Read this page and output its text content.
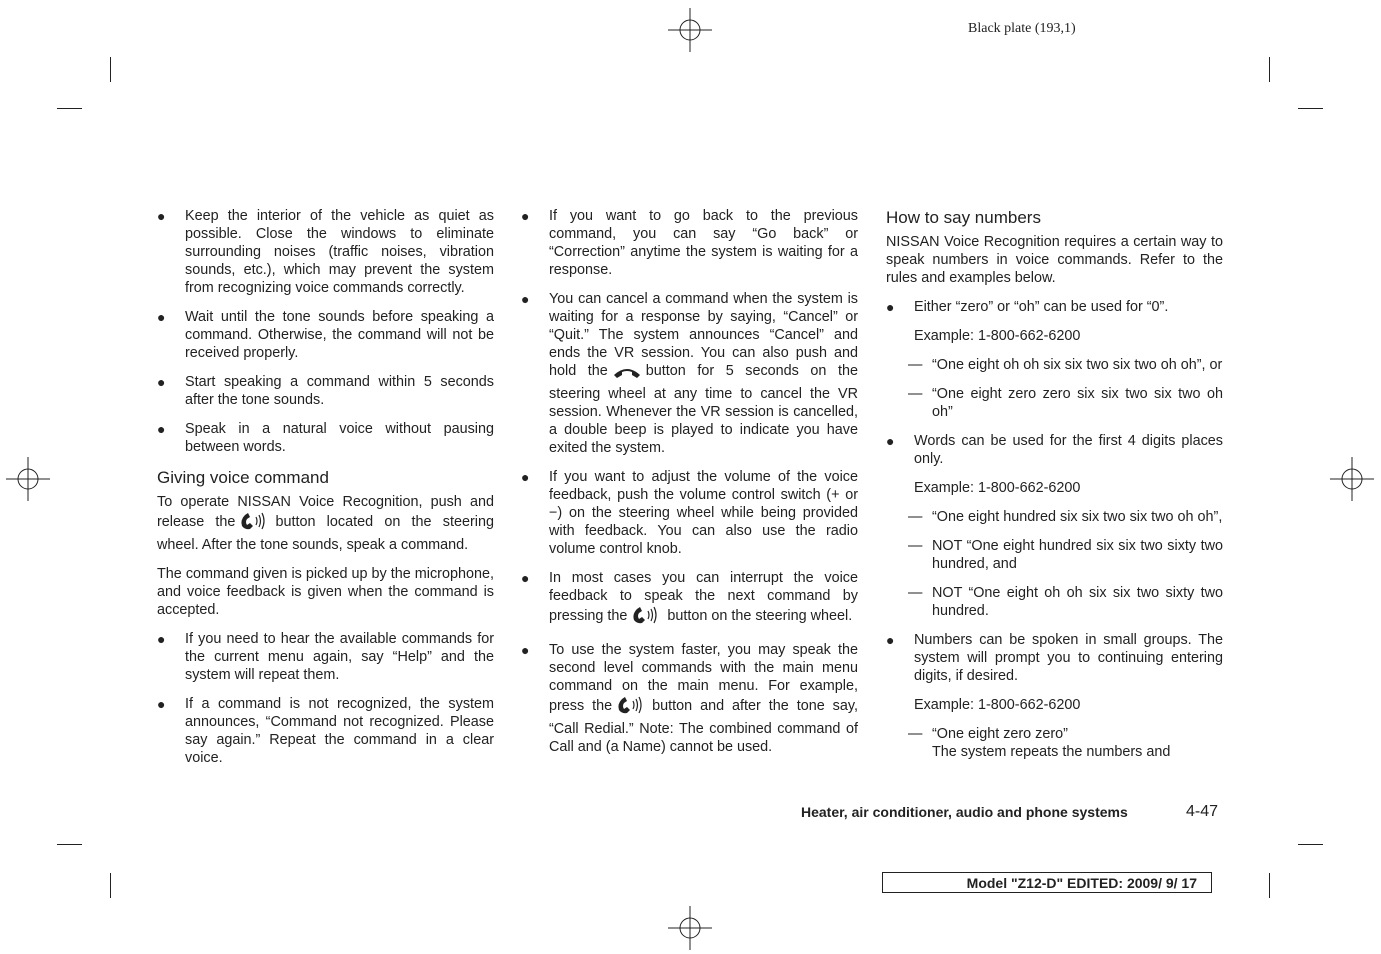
Black plate (193,1)
● Keep the interior of the vehicle as quiet as possible. Close the windows to eliminate surrounding noises (traffic noises, vibration sounds, etc.), which may prevent the system from recognizing voice commands correctly.
● Wait until the tone sounds before speaking a command. Otherwise, the command will not be received properly.
● Start speaking a command within 5 seconds after the tone sounds.
● Speak in a natural voice without pausing between words.
Giving voice command
To operate NISSAN Voice Recognition, push and release the	button located on the steering wheel. After the tone sounds, speak a command.
The command given is picked up by the microphone, and voice feedback is given when the command is accepted.
● If you need to hear the available commands for the current menu again, say “Help” and the system will repeat them.
● If a command is not recognized, the system announces, “Command not recognized. Please say again.” Repeat the command in a clear voice.
● If you want to go back to the previous command, you can say “Go back” or “Correction” anytime the system is waiting for a response.
● You can cancel a command when the system is waiting for a response by saying, “Cancel” or “Quit.” The system announces “Cancel” and ends the VR session. You can also push and hold the	button for 5 seconds on the steering wheel at any time to cancel the VR session. Whenever the VR session is cancelled, a double beep is played to indicate you have exited the system.
● If you want to adjust the volume of the voice feedback, push the volume control switch (+ or −) on the steering wheel while being provided with feedback. You can also use the radio volume control knob.
● In most cases you can interrupt the voice feedback to speak the next command by pressing the	button on the steering wheel.
● To use the system faster, you may speak the second level commands with the main menu command on the main menu. For example, press the	button and after the tone say, “Call Redial.” Note: The combined command of Call and (a Name) cannot be used.
How to say numbers
NISSAN Voice Recognition requires a certain way to speak numbers in voice commands. Refer to the rules and examples below.
● Either “zero” or “oh” can be used for “0”.
Example: 1-800-662-6200
— “One eight oh oh six six two six two oh oh”, or
— “One eight zero zero six six two six two oh oh”
● Words can be used for the first 4 digits places only.
Example: 1-800-662-6200
— “One eight hundred six six two six two oh oh”,
— NOT “One eight hundred six six two sixty two hundred, and
— NOT “One eight oh oh six six two sixty two hundred.
● Numbers can be spoken in small groups. The system will prompt you to continuing entering digits, if desired.
Example: 1-800-662-6200
— “One eight zero zero”
The system repeats the numbers and
Heater, air conditioner, audio and phone systems	4-47
Model "Z12-D" EDITED: 2009/ 9/ 17
